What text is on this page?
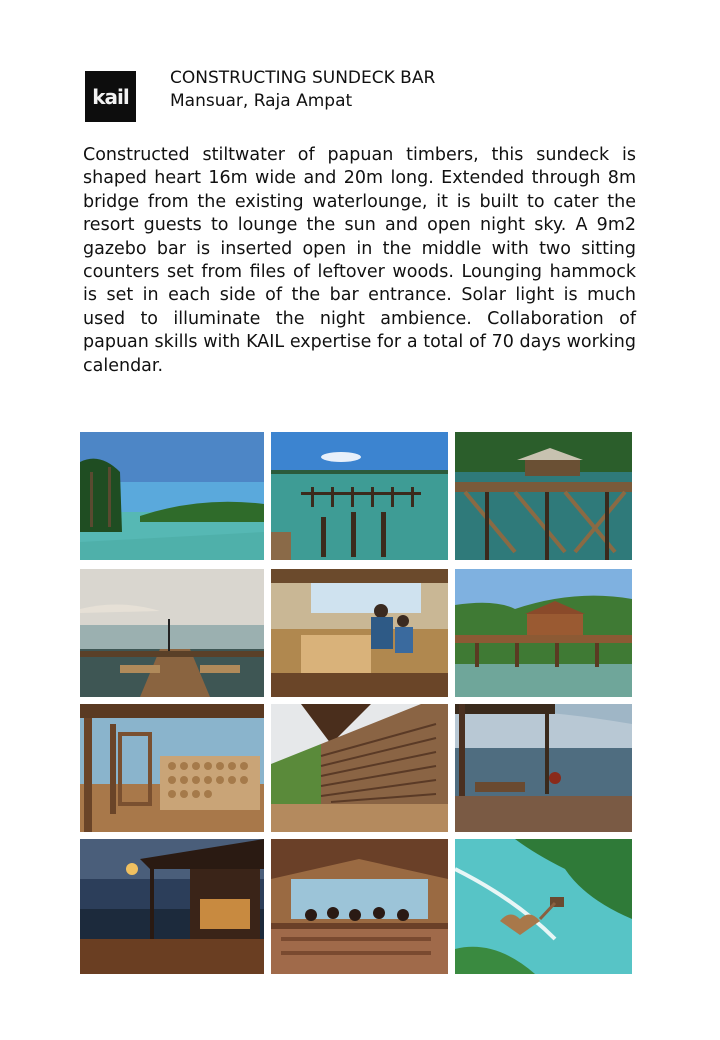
kail
CONSTRUCTING SUNDECK BAR
Mansuar, Raja Ampat

Constructed stiltwater of papuan timbers, this sundeck is shaped heart 16m wide and 20m long. Extended through 8m bridge from the existing waterlounge, it is built to cater the resort guests to lounge the sun and open night sky. A 9m2 gazebo bar is inserted open in the middle with two sitting counters set from files of leftover woods. Lounging hammock is set in each side of the bar entrance. Solar light is much used to illuminate the night ambience. Collaboration of papuan skills with KAIL expertise for a total of 70 days working calendar.
